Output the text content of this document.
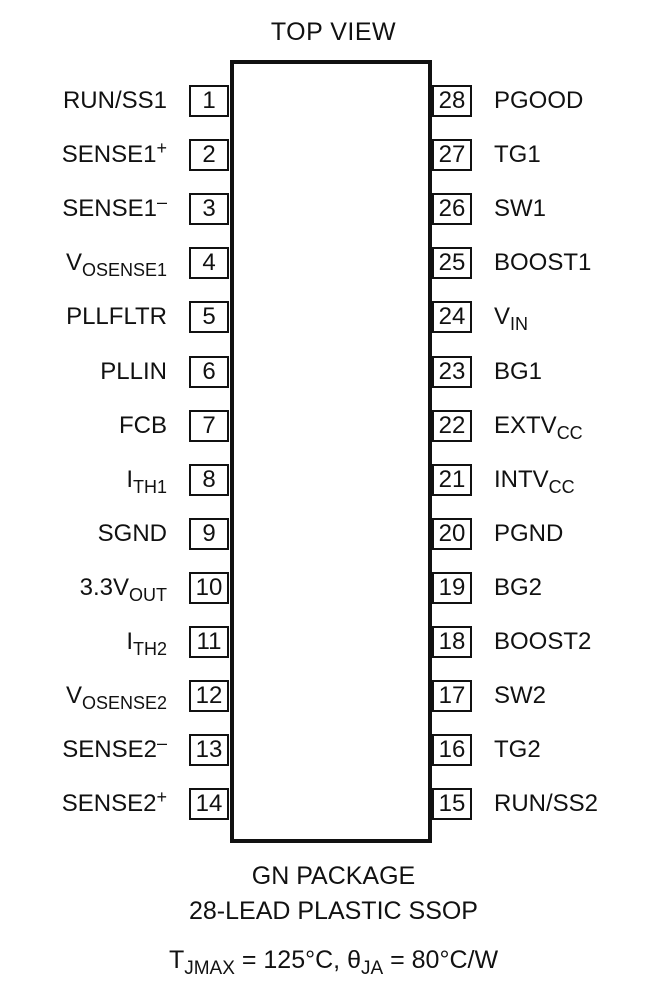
TOP VIEW
1
RUN/SS1
2
SENSE1+
3
SENSE1–
4
$V_{OSENSE1}$
5
PLLFLTR
6
PLLIN
7
FCB
8
$I_{TH1}$
9
SGND
10
$3.3V_{OUT}$
11
$I_{TH2}$
12
$V_{OSENSE2}$
13
SENSE2–
14
SENSE2+
28 PGOOD
27 TG1
26 SW1
25 BOOST1
24 $V_{IN}$
23 BG1
22 $EXTV_{CC}$
21 $INTV_{CC}$
20 PGND
19 BG2
18 BOOST2
17 SW2
16 TG2
15 RUN/SS2
GN PACKAGE
28-LEAD PLASTIC SSOP
$T_{JMAX} = 125^\circ C$, $\theta_{JA} = 80^\circ C/W$
